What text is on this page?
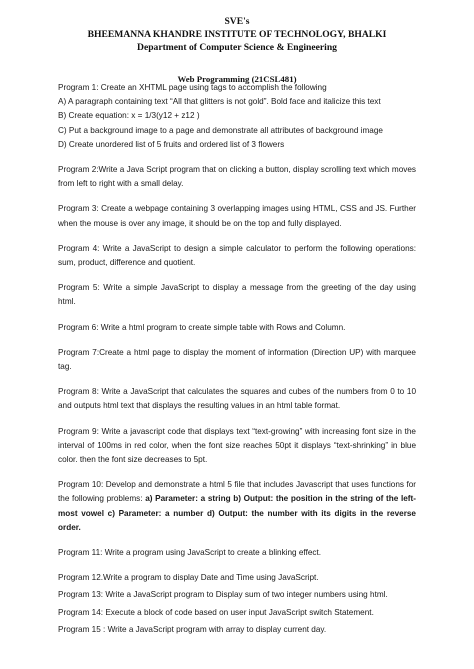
SVE's
BHEEMANNA KHANDRE INSTITUTE OF TECHNOLOGY, BHALKI
Department of Computer Science & Engineering
Web Programming (21CSL481)
Program 1: Create an XHTML page using tags to accomplish the following
A) A paragraph containing text “All that glitters is not gold”. Bold face and italicize this text
B) Create equation: x = 1/3(y12 + z12 )
C) Put a background image to a page and demonstrate all attributes of background image
D) Create unordered list of 5 fruits and ordered list of 3 flowers
Program 2:Write a Java Script program that on clicking a button, display scrolling text which moves from left to right with a small delay.
Program 3: Create a webpage containing 3 overlapping images using HTML, CSS and JS. Further when the mouse is over any image, it should be on the top and fully displayed.
Program 4: Write a JavaScript to design a simple calculator to perform the following operations: sum, product, difference and quotient.
Program 5: Write a simple JavaScript to display a message from the greeting of the day using html.
Program 6: Write a html program to create simple table with Rows and Column.
Program 7:Create a html page to display the moment of information (Direction UP) with marquee tag.
Program 8: Write a JavaScript that calculates the squares and cubes of the numbers from 0 to 10 and outputs html text that displays the resulting values in an html table format.
Program 9: Write a javascript code that displays text “text-growing” with increasing font size in the interval of 100ms in red color, when the font size reaches 50pt it displays “text-shrinking” in blue color. then the font size decreases to 5pt.
Program 10: Develop and demonstrate a html 5 file that includes Javascript that uses functions for the following problems: a) Parameter: a string b) Output: the position in the string of the left-most vowel c) Parameter: a number d) Output: the number with its digits in the reverse order.
Program 11: Write a program using JavaScript to create a blinking effect.
Program 12.Write a program to display Date and Time using JavaScript.
Program 13: Write a JavaScript program to Display sum of two integer numbers using html.
Program 14: Execute a block of code based on user input JavaScript switch Statement.
Program 15 : Write a JavaScript program with array to display current day.
